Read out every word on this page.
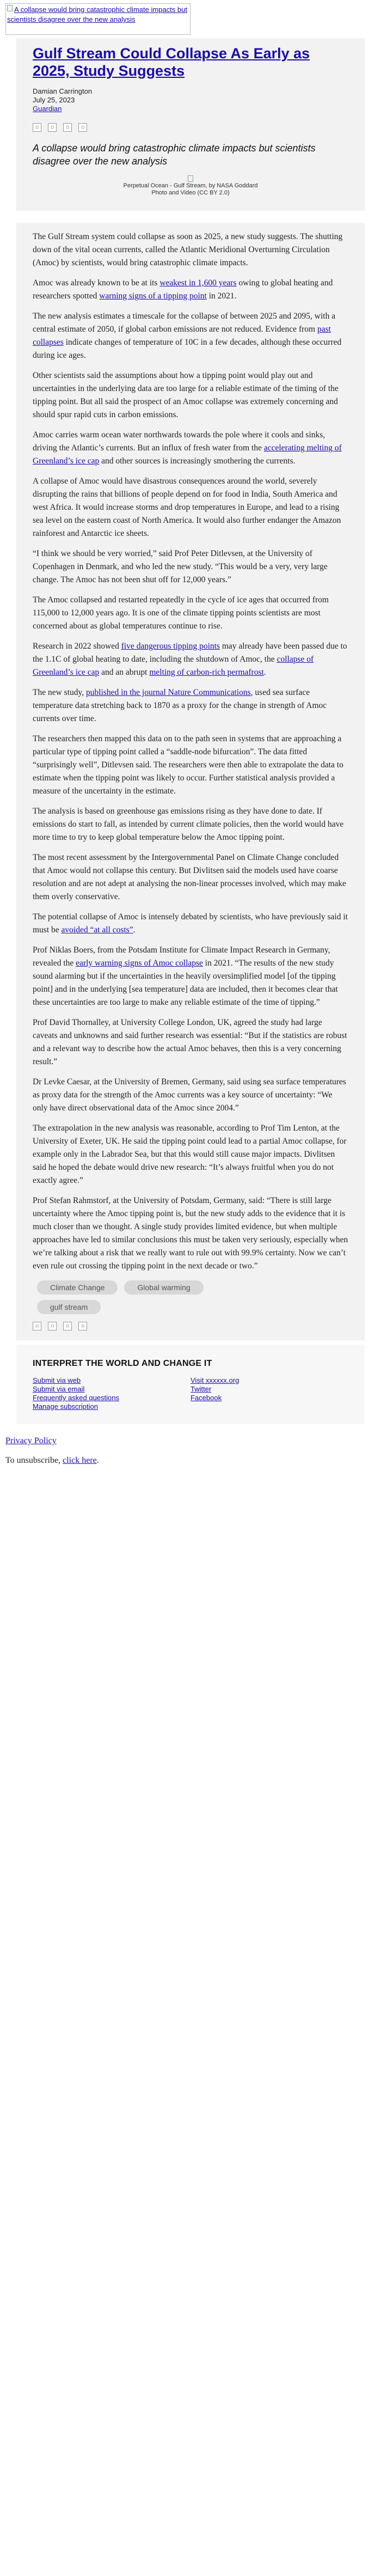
A collapse would bring catastrophic climate impacts but scientists disagree over the new analysis
Gulf Stream Could Collapse As Early as 2025, Study Suggests
Damian Carrington
July 25, 2023
Guardian
▫	▫	▫	▫
A collapse would bring catastrophic climate impacts but scientists disagree over the new analysis

Perpetual Ocean - Gulf Stream, by NASA Goddard
Photo and Video (CC BY 2.0)

The Gulf Stream system could collapse as soon as 2025, a new study suggests. The shutting down of the vital ocean currents, called the Atlantic Meridional Overturning Circulation (Amoc) by scientists, would bring catastrophic climate impacts.

Amoc was already known to be at its weakest in 1,600 years owing to global heating and researchers spotted warning signs of a tipping point in 2021.

The new analysis estimates a timescale for the collapse of between 2025 and 2095, with a central estimate of 2050, if global carbon emissions are not reduced. Evidence from past collapses indicate changes of temperature of 10C in a few decades, although these occurred during ice ages.

Other scientists said the assumptions about how a tipping point would play out and uncertainties in the underlying data are too large for a reliable estimate of the timing of the tipping point. But all said the prospect of an Amoc collapse was extremely concerning and should spur rapid cuts in carbon emissions.

Amoc carries warm ocean water northwards towards the pole where it cools and sinks, driving the Atlantic’s currents. But an influx of fresh water from the accelerating melting of Greenland’s ice cap and other sources is increasingly smothering the currents.

A collapse of Amoc would have disastrous consequences around the world, severely disrupting the rains that billions of people depend on for food in India, South America and west Africa. It would increase storms and drop temperatures in Europe, and lead to a rising sea level on the eastern coast of North America. It would also further endanger the Amazon rainforest and Antarctic ice sheets.

“I think we should be very worried,” said Prof Peter Ditlevsen, at the University of Copenhagen in Denmark, and who led the new study. “This would be a very, very large change. The Amoc has not been shut off for 12,000 years.”

The Amoc collapsed and restarted repeatedly in the cycle of ice ages that occurred from 115,000 to 12,000 years ago. It is one of the climate tipping points scientists are most concerned about as global temperatures continue to rise.

Research in 2022 showed five dangerous tipping points may already have been passed due to the 1.1C of global heating to date, including the shutdown of Amoc, the collapse of Greenland’s ice cap and an abrupt melting of carbon-rich permafrost.

The new study, published in the journal Nature Communications, used sea surface temperature data stretching back to 1870 as a proxy for the change in strength of Amoc currents over time.

The researchers then mapped this data on to the path seen in systems that are approaching a particular type of tipping point called a “saddle-node bifurcation”. The data fitted “surprisingly well”, Ditlevsen said. The researchers were then able to extrapolate the data to estimate when the tipping point was likely to occur. Further statistical analysis provided a measure of the uncertainty in the estimate.

The analysis is based on greenhouse gas emissions rising as they have done to date. If emissions do start to fall, as intended by current climate policies, then the world would have more time to try to keep global temperature below the Amoc tipping point.

The most recent assessment by the Intergovernmental Panel on Climate Change concluded that Amoc would not collapse this century. But Divlitsen said the models used have coarse resolution and are not adept at analysing the non-linear processes involved, which may make them overly conservative.

The potential collapse of Amoc is intensely debated by scientists, who have previously said it must be avoided “at all costs”.

Prof Niklas Boers, from the Potsdam Institute for Climate Impact Research in Germany, revealed the early warning signs of Amoc collapse in 2021. “The results of the new study sound alarming but if the uncertainties in the heavily oversimplified model [of the tipping point] and in the underlying [sea temperature] data are included, then it becomes clear that these uncertainties are too large to make any reliable estimate of the time of tipping.”

Prof David Thornalley, at University College London, UK, agreed the study had large caveats and unknowns and said further research was essential: “But if the statistics are robust and a relevant way to describe how the actual Amoc behaves, then this is a very concerning result.”

Dr Levke Caesar, at the University of Bremen, Germany, said using sea surface temperatures as proxy data for the strength of the Amoc currents was a key source of uncertainty: “We only have direct observational data of the Amoc since 2004.”

The extrapolation in the new analysis was reasonable, according to Prof Tim Lenton, at the University of Exeter, UK. He said the tipping point could lead to a partial Amoc collapse, for example only in the Labrador Sea, but that this would still cause major impacts. Divlitsen said he hoped the debate would drive new research: “It’s always fruitful when you do not exactly agree.”

Prof Stefan Rahmstorf, at the University of Potsdam, Germany, said: “There is still large uncertainty where the Amoc tipping point is, but the new study adds to the evidence that it is much closer than we thought. A single study provides limited evidence, but when multiple approaches have led to similar conclusions this must be taken very seriously, especially when we’re talking about a risk that we really want to rule out with 99.9% certainty. Now we can’t even rule out crossing the tipping point in the next decade or two.”

Climate Change	Global warming
gulf stream
▫	▫	▫	▫
INTERPRET THE WORLD AND CHANGE IT
Submit via web
Submit via email
Frequently asked questions
Manage subscription
Visit xxxxxx.org
Twitter
Facebook
Privacy Policy
To unsubscribe, click here.
